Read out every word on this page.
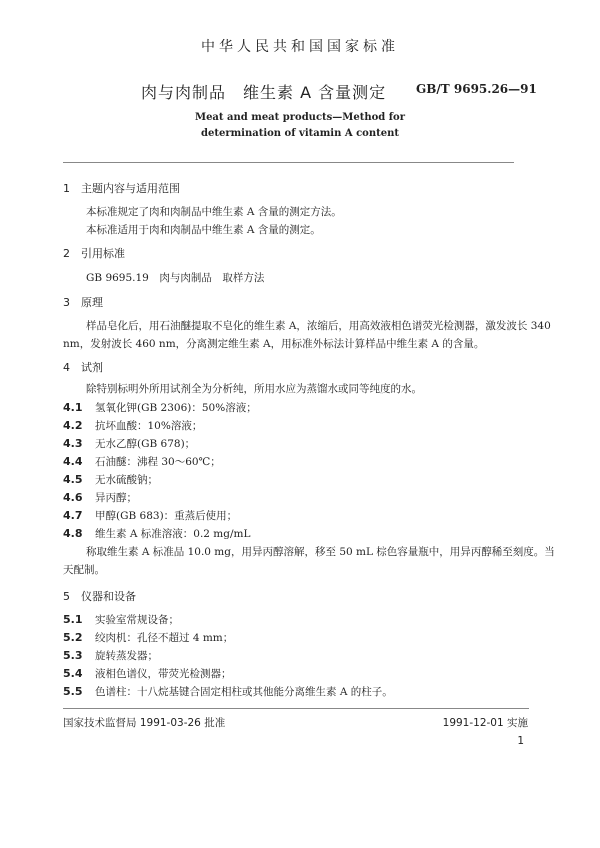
中华人民共和国国家标准
肉与肉制品　维生素 A 含量测定 GB/T 9695.26—91
Meat and meat products—Method for
determination of vitamin A content
1　主题内容与适用范围
本标准规定了肉和肉制品中维生素 A 含量的测定方法。
本标准适用于肉和肉制品中维生素 A 含量的测定。
2　引用标准
GB 9695.19　肉与肉制品　取样方法
3　原理
样品皂化后，用石油醚提取不皂化的维生素 A，浓缩后，用高效液相色谱荧光检测器，激发波长 340
nm，发射波长 460 nm，分离测定维生素 A，用标准外标法计算样品中维生素 A 的含量。
4　试剂
除特别标明外所用试剂全为分析纯，所用水应为蒸馏水或同等纯度的水。
4.1 氢氧化钾(GB 2306)：50%溶液；
4.2 抗坏血酸：10%溶液；
4.3 无水乙醇(GB 678)；
4.4 石油醚：沸程 30～60℃；
4.5 无水硫酸钠；
4.6 异丙醇；
4.7 甲醇(GB 683)：重蒸后使用；
4.8 维生素 A 标准溶液：0.2 mg/mL
称取维生素 A 标准品 10.0 mg，用异丙醇溶解，移至 50 mL 棕色容量瓶中，用异丙醇稀至刻度。当
天配制。
5　仪器和设备
5.1 实验室常规设备；
5.2 绞肉机：孔径不超过 4 mm；
5.3 旋转蒸发器；
5.4 液相色谱仪，带荧光检测器；
5.5 色谱柱：十八烷基键合固定相柱或其他能分离维生素 A 的柱子。
国家技术监督局 1991-03-26 批准	1991-12-01 实施
1
